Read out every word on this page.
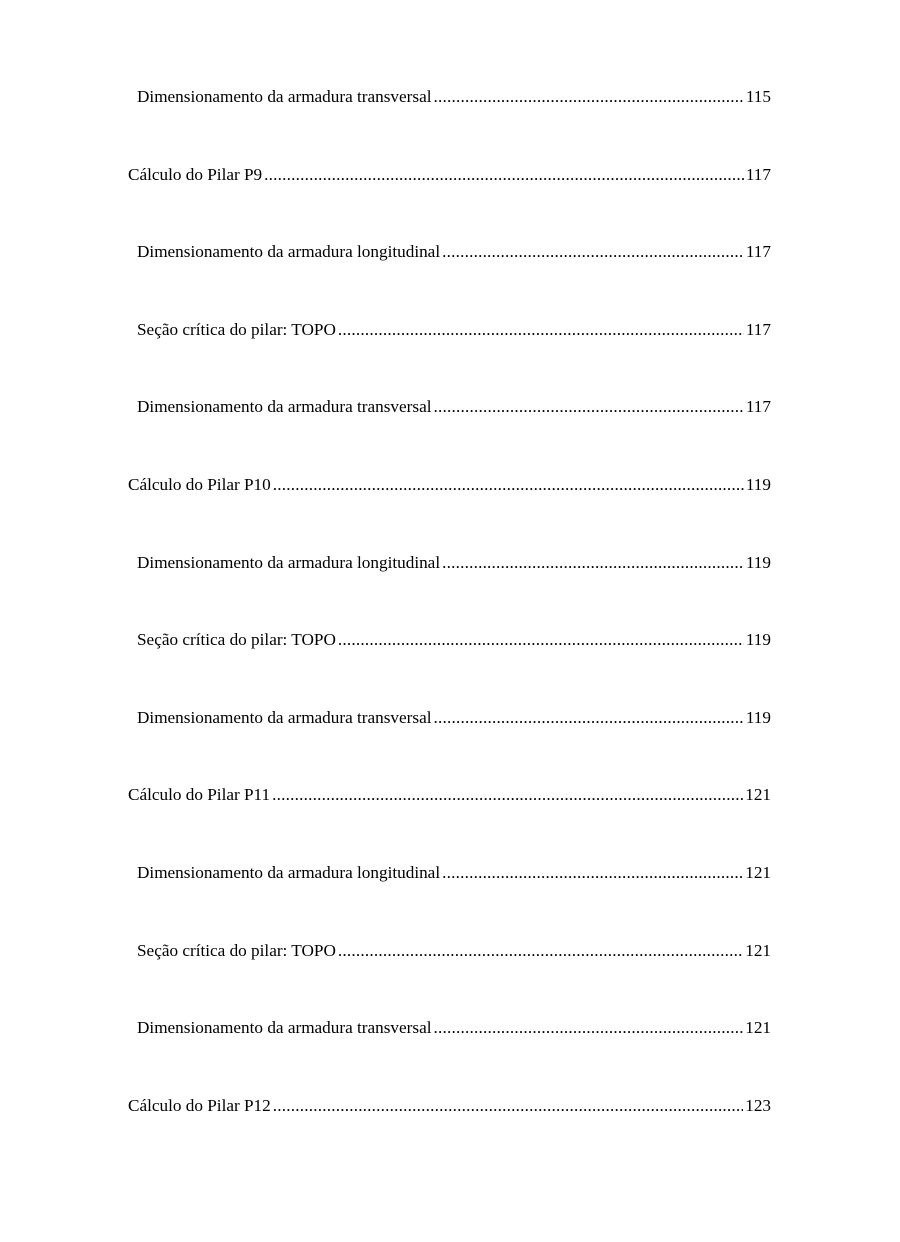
Dimensionamento da armadura transversal .....	115
Cálculo do Pilar P9 .....	117
Dimensionamento da armadura longitudinal .....	117
Seção crítica do pilar: TOPO .....	117
Dimensionamento da armadura transversal .....	117
Cálculo do Pilar P10 .....	119
Dimensionamento da armadura longitudinal .....	119
Seção crítica do pilar: TOPO .....	119
Dimensionamento da armadura transversal .....	119
Cálculo do Pilar P11 .....	121
Dimensionamento da armadura longitudinal .....	121
Seção crítica do pilar: TOPO .....	121
Dimensionamento da armadura transversal .....	121
Cálculo do Pilar P12 .....	123
